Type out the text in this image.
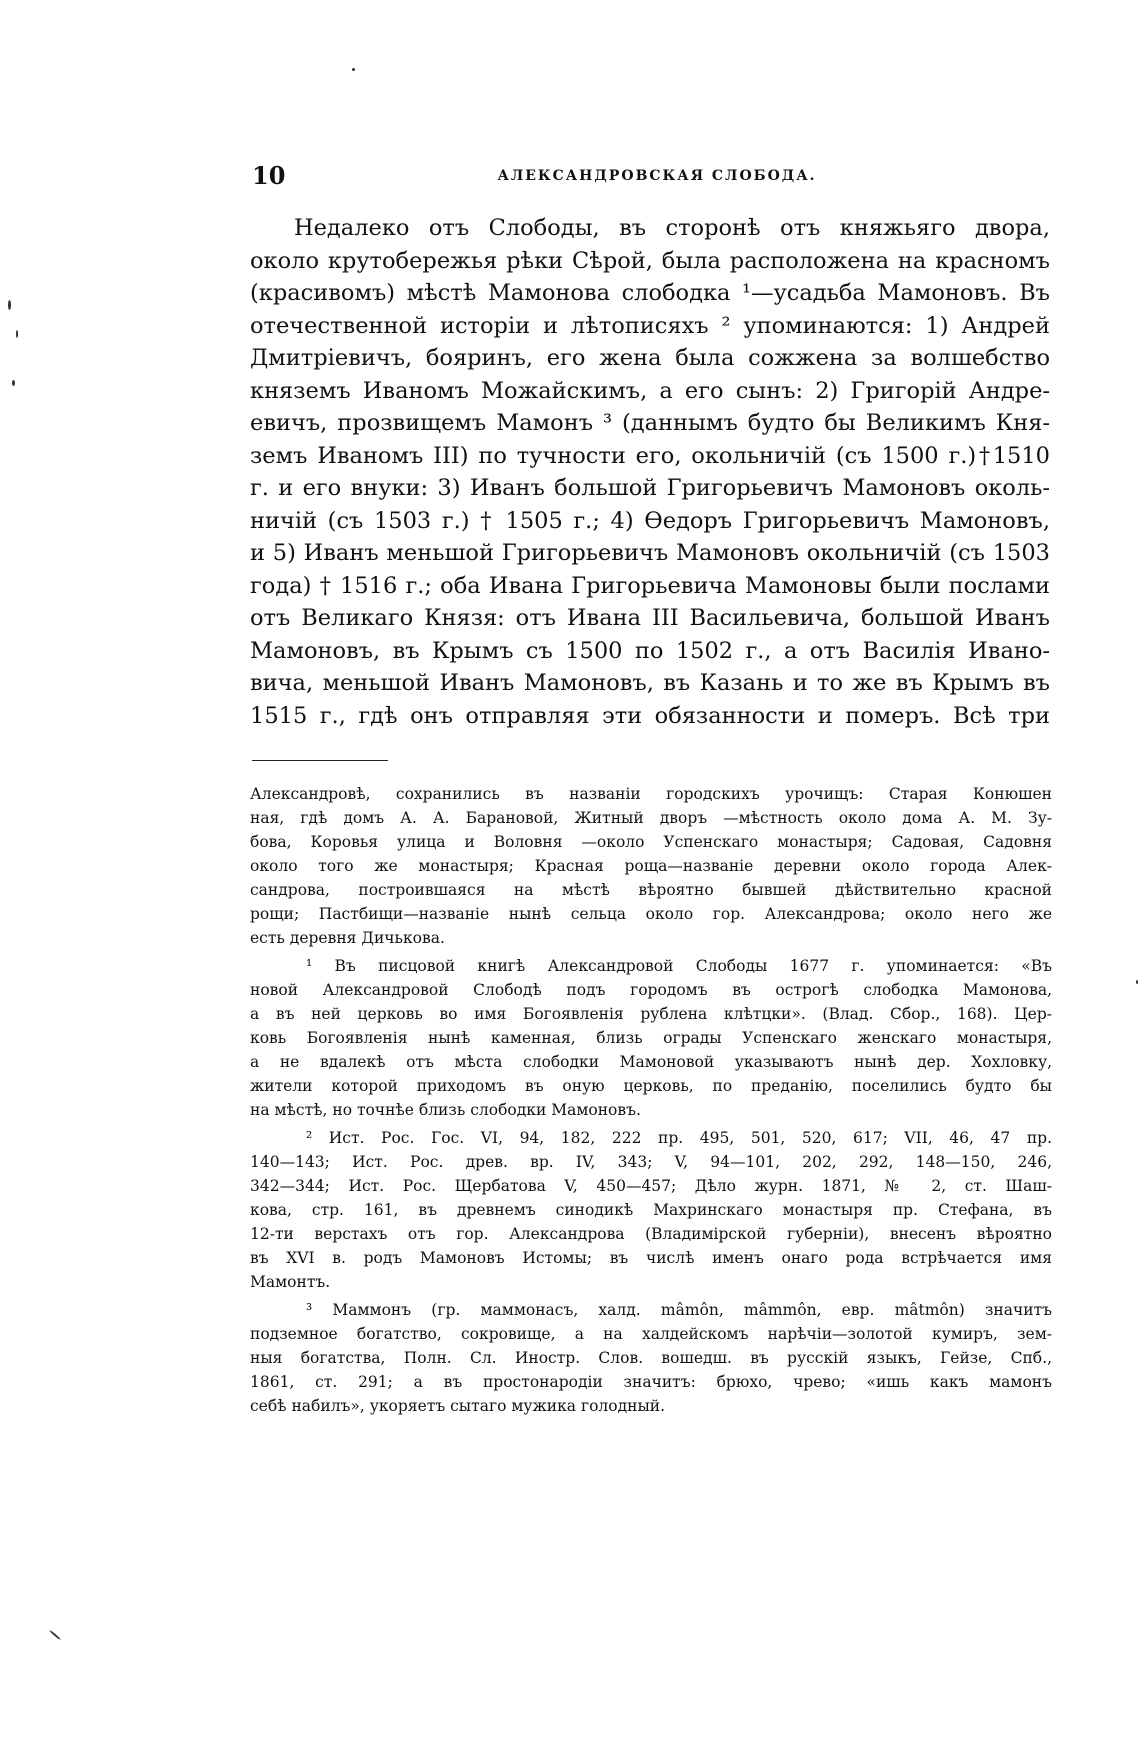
10	АЛЕКСАНДРОВСКАЯ СЛОБОДА.
Недалеко отъ Слободы, въ сторонѣ отъ княжьяго двора,
около крутобережья рѣки Сѣрой, была расположена на красномъ
(красивомъ) мѣстѣ Мамонова слободка ¹—усадьба Мамоновъ. Въ
отечественной исторіи и лѣтописяхъ ² упоминаются: 1) Андрей
Дмитріевичъ, бояринъ, его жена была сожжена за волшебство
княземъ Иваномъ Можайскимъ, а его сынъ: 2) Григорій Андре-
евичъ, прозвищемъ Мамонъ ³ (даннымъ будто бы Великимъ Кня-
земъ Иваномъ III) по тучности его, окольничій (съ 1500 г.)†1510
г. и его внуки: 3) Иванъ большой Григорьевичъ Мамоновъ околь-
ничій (съ 1503 г.) † 1505 г.; 4) Ѳедоръ Григорьевичъ Мамоновъ,
и 5) Иванъ меньшой Григорьевичъ Мамоновъ окольничій (съ 1503
года) † 1516 г.; оба Ивана Григорьевича Мамоновы были послами
отъ Великаго Князя: отъ Ивана III Васильевича, большой Иванъ
Мамоновъ, въ Крымъ съ 1500 по 1502 г., а отъ Василія Ивано-
вича, меньшой Иванъ Мамоновъ, въ Казань и то же въ Крымъ въ
1515 г., гдѣ онъ отправляя эти обязанности и померъ. Всѣ три
Александровѣ, сохранились въ названіи городскихъ урочищъ: Старая Конюшен
ная, гдѣ домъ А. А. Барановой, Житный дворъ —мѣстность около дома А. М. Зу-
бова, Коровья улица и Воловня —около Успенскаго монастыря; Садовая, Садовня
около того же монастыря; Красная роща—названіе деревни около города Алек-
сандрова, построившаяся на мѣстѣ вѣроятно бывшей дѣйствительно красной
рощи; Пастбищи—названіе нынѣ сельца около гор. Александрова; около него же
есть деревня Дичькова.
¹ Въ писцовой книгѣ Александровой Слободы 1677 г. упоминается: «Въ
новой Александровой Слободѣ подъ городомъ въ острогѣ слободка Мамонова,
а въ ней церковь во имя Богоявленія рублена клѣтцки». (Влад. Сбор., 168). Цер-
ковь Богоявленія нынѣ каменная, близь ограды Успенскаго женскаго монастыря,
а не вдалекѣ отъ мѣста слободки Мамоновой указываютъ нынѣ дер. Хохловку,
жители которой приходомъ въ оную церковь, по преданію, поселились будто бы
на мѣстѣ, но точнѣе близь слободки Мамоновъ.
² Ист. Рос. Гос. VI, 94, 182, 222 пр. 495, 501, 520, 617; VII, 46, 47 пр.
140—143; Ист. Рос. древ. вр. IV, 343; V, 94—101, 202, 292, 148—150, 246,
342—344; Ист. Рос. Щербатова V, 450—457; Дѣло журн. 1871, № 2, ст. Шаш-
кова, стр. 161, въ древнемъ синодикѣ Махринскаго монастыря пр. Стефана, въ
12-ти верстахъ отъ гор. Александрова (Владимірской губерніи), внесенъ вѣроятно
въ XVI в. родъ Мамоновъ Истомы; въ числѣ именъ онаго рода встрѣчается имя
Мамонтъ.
³ Маммонъ (гр. маммонасъ, халд. mâmôn, mâmmôn, евр. mâtmôn) значитъ
подземное богатство, сокровище, а на халдейскомъ нарѣчіи—золотой кумиръ, зем-
ныя богатства, Полн. Сл. Иностр. Слов. вошедш. въ русскій языкъ, Гейзе, Спб.,
1861, ст. 291; а въ простонародіи значитъ: брюхо, чрево; «ишь какъ мамонъ
себѣ набилъ», укоряетъ сытаго мужика голодный.
